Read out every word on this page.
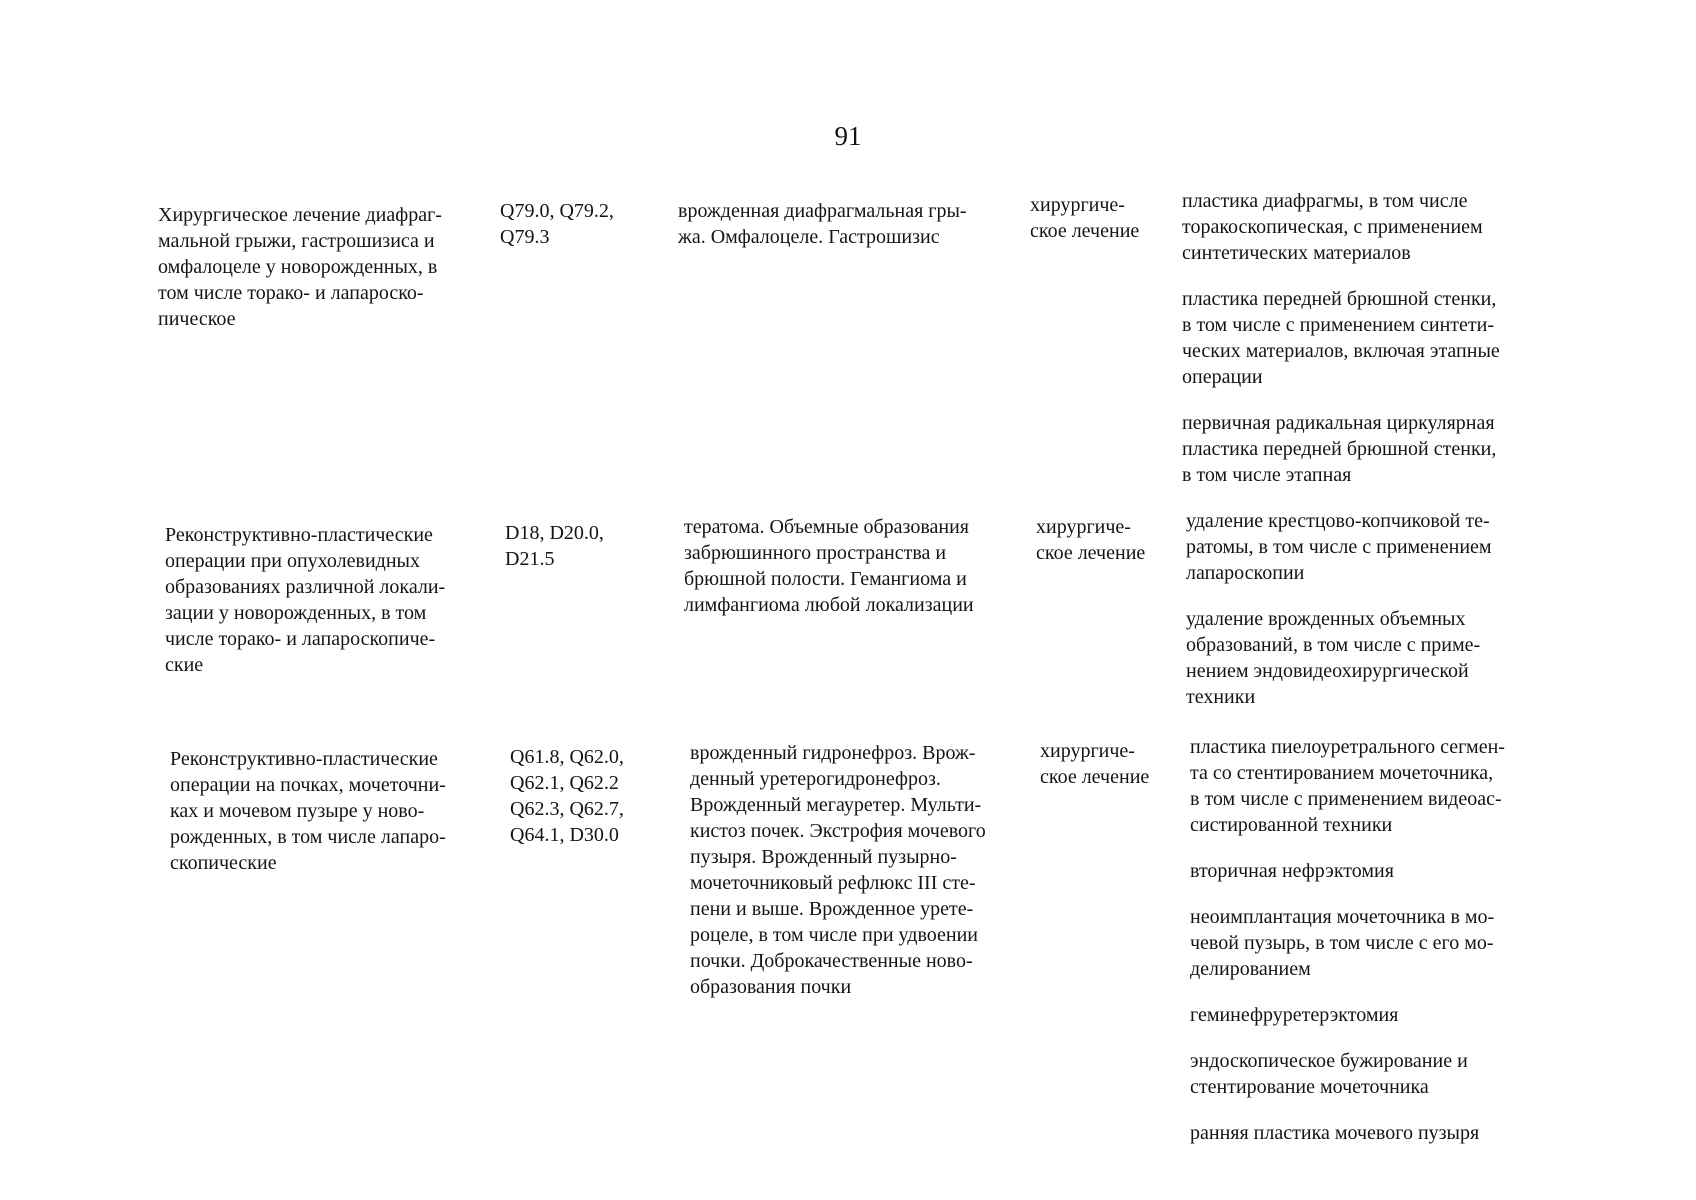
91
Хирургическое лечение диафраг-
мальной грыжи, гастрошизиса и
омфалоцеле у новорожденных, в
том числе торако- и лапароско-
пическое
Q79.0, Q79.2,
Q79.3
врожденная диафрагмальная гры-
жа. Омфалоцеле. Гастрошизис
хирургиче-
ское лечение
пластика диафрагмы, в том числе
торакоскопическая, с применением
синтетических материалов
пластика передней брюшной стенки,
в том числе с применением синтети-
ческих материалов, включая этапные
операции
первичная радикальная циркулярная
пластика передней брюшной стенки,
в том числе этапная
Реконструктивно-пластические
операции при опухолевидных
образованиях различной локали-
зации у новорожденных, в том
числе торако- и лапароскопиче-
ские
D18, D20.0,
D21.5
тератома. Объемные образования
забрюшинного пространства и
брюшной полости. Гемангиома и
лимфангиома любой локализации
хирургиче-
ское лечение
удаление крестцово-копчиковой те-
ратомы, в том числе с применением
лапароскопии
удаление врожденных объемных
образований, в том числе с приме-
нением эндовидеохирургической
техники
Реконструктивно-пластические
операции на почках, мочеточни-
ках и мочевом пузыре у ново-
рожденных, в том числе лапаро-
скопические
Q61.8, Q62.0,
Q62.1, Q62.2
Q62.3, Q62.7,
Q64.1, D30.0
врожденный гидронефроз. Врож-
денный уретерогидронефроз.
Врожденный мегауретер. Мульти-
кистоз почек. Экстрофия мочевого
пузыря. Врожденный пузырно-
мочеточниковый рефлюкс III сте-
пени и выше. Врожденное урете-
роцеле, в том числе при удвоении
почки. Доброкачественные ново-
образования почки
хирургиче-
ское лечение
пластика пиелоуретрального сегмен-
та со стентированием мочеточника,
в том числе с применением видеоас-
систированной техники
вторичная нефрэктомия
неоимплантация мочеточника в мо-
чевой пузырь, в том числе с его мо-
делированием
геминефруретерэктомия
эндоскопическое бужирование и
стентирование мочеточника
ранняя пластика мочевого пузыря
